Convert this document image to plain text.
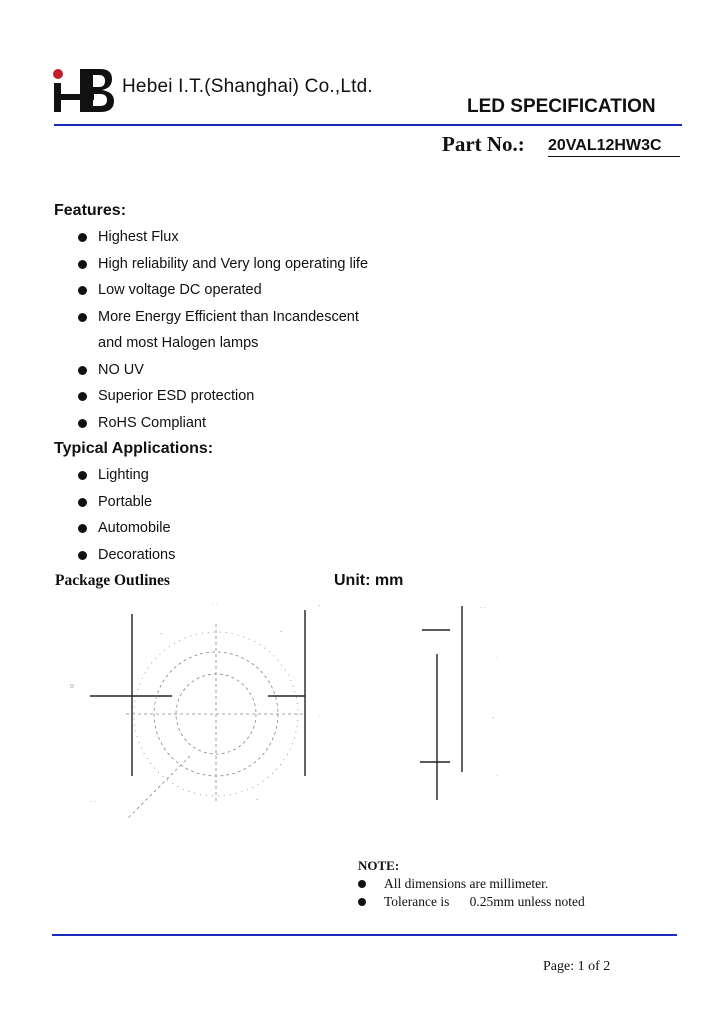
Hebei I.T.(Shanghai) Co.,Ltd.
LED SPECIFICATION
Part No.: 20VAL12HW3C
Features:
Highest Flux
High reliability and Very long operating life
Low voltage DC operated
More Energy Efficient than Incandescent
and most Halogen lamps
NO UV
Superior ESD protection
RoHS Compliant
Typical Applications:
Lighting
Portable
Automobile
Decorations
Package Outlines	Unit: mm
. .
-
-	-
o
.
-
. .
. .
.
-
.
NOTE:
All dimensions are millimeter.
Tolerance is      0.25mm unless noted
Page: 1 of 2
